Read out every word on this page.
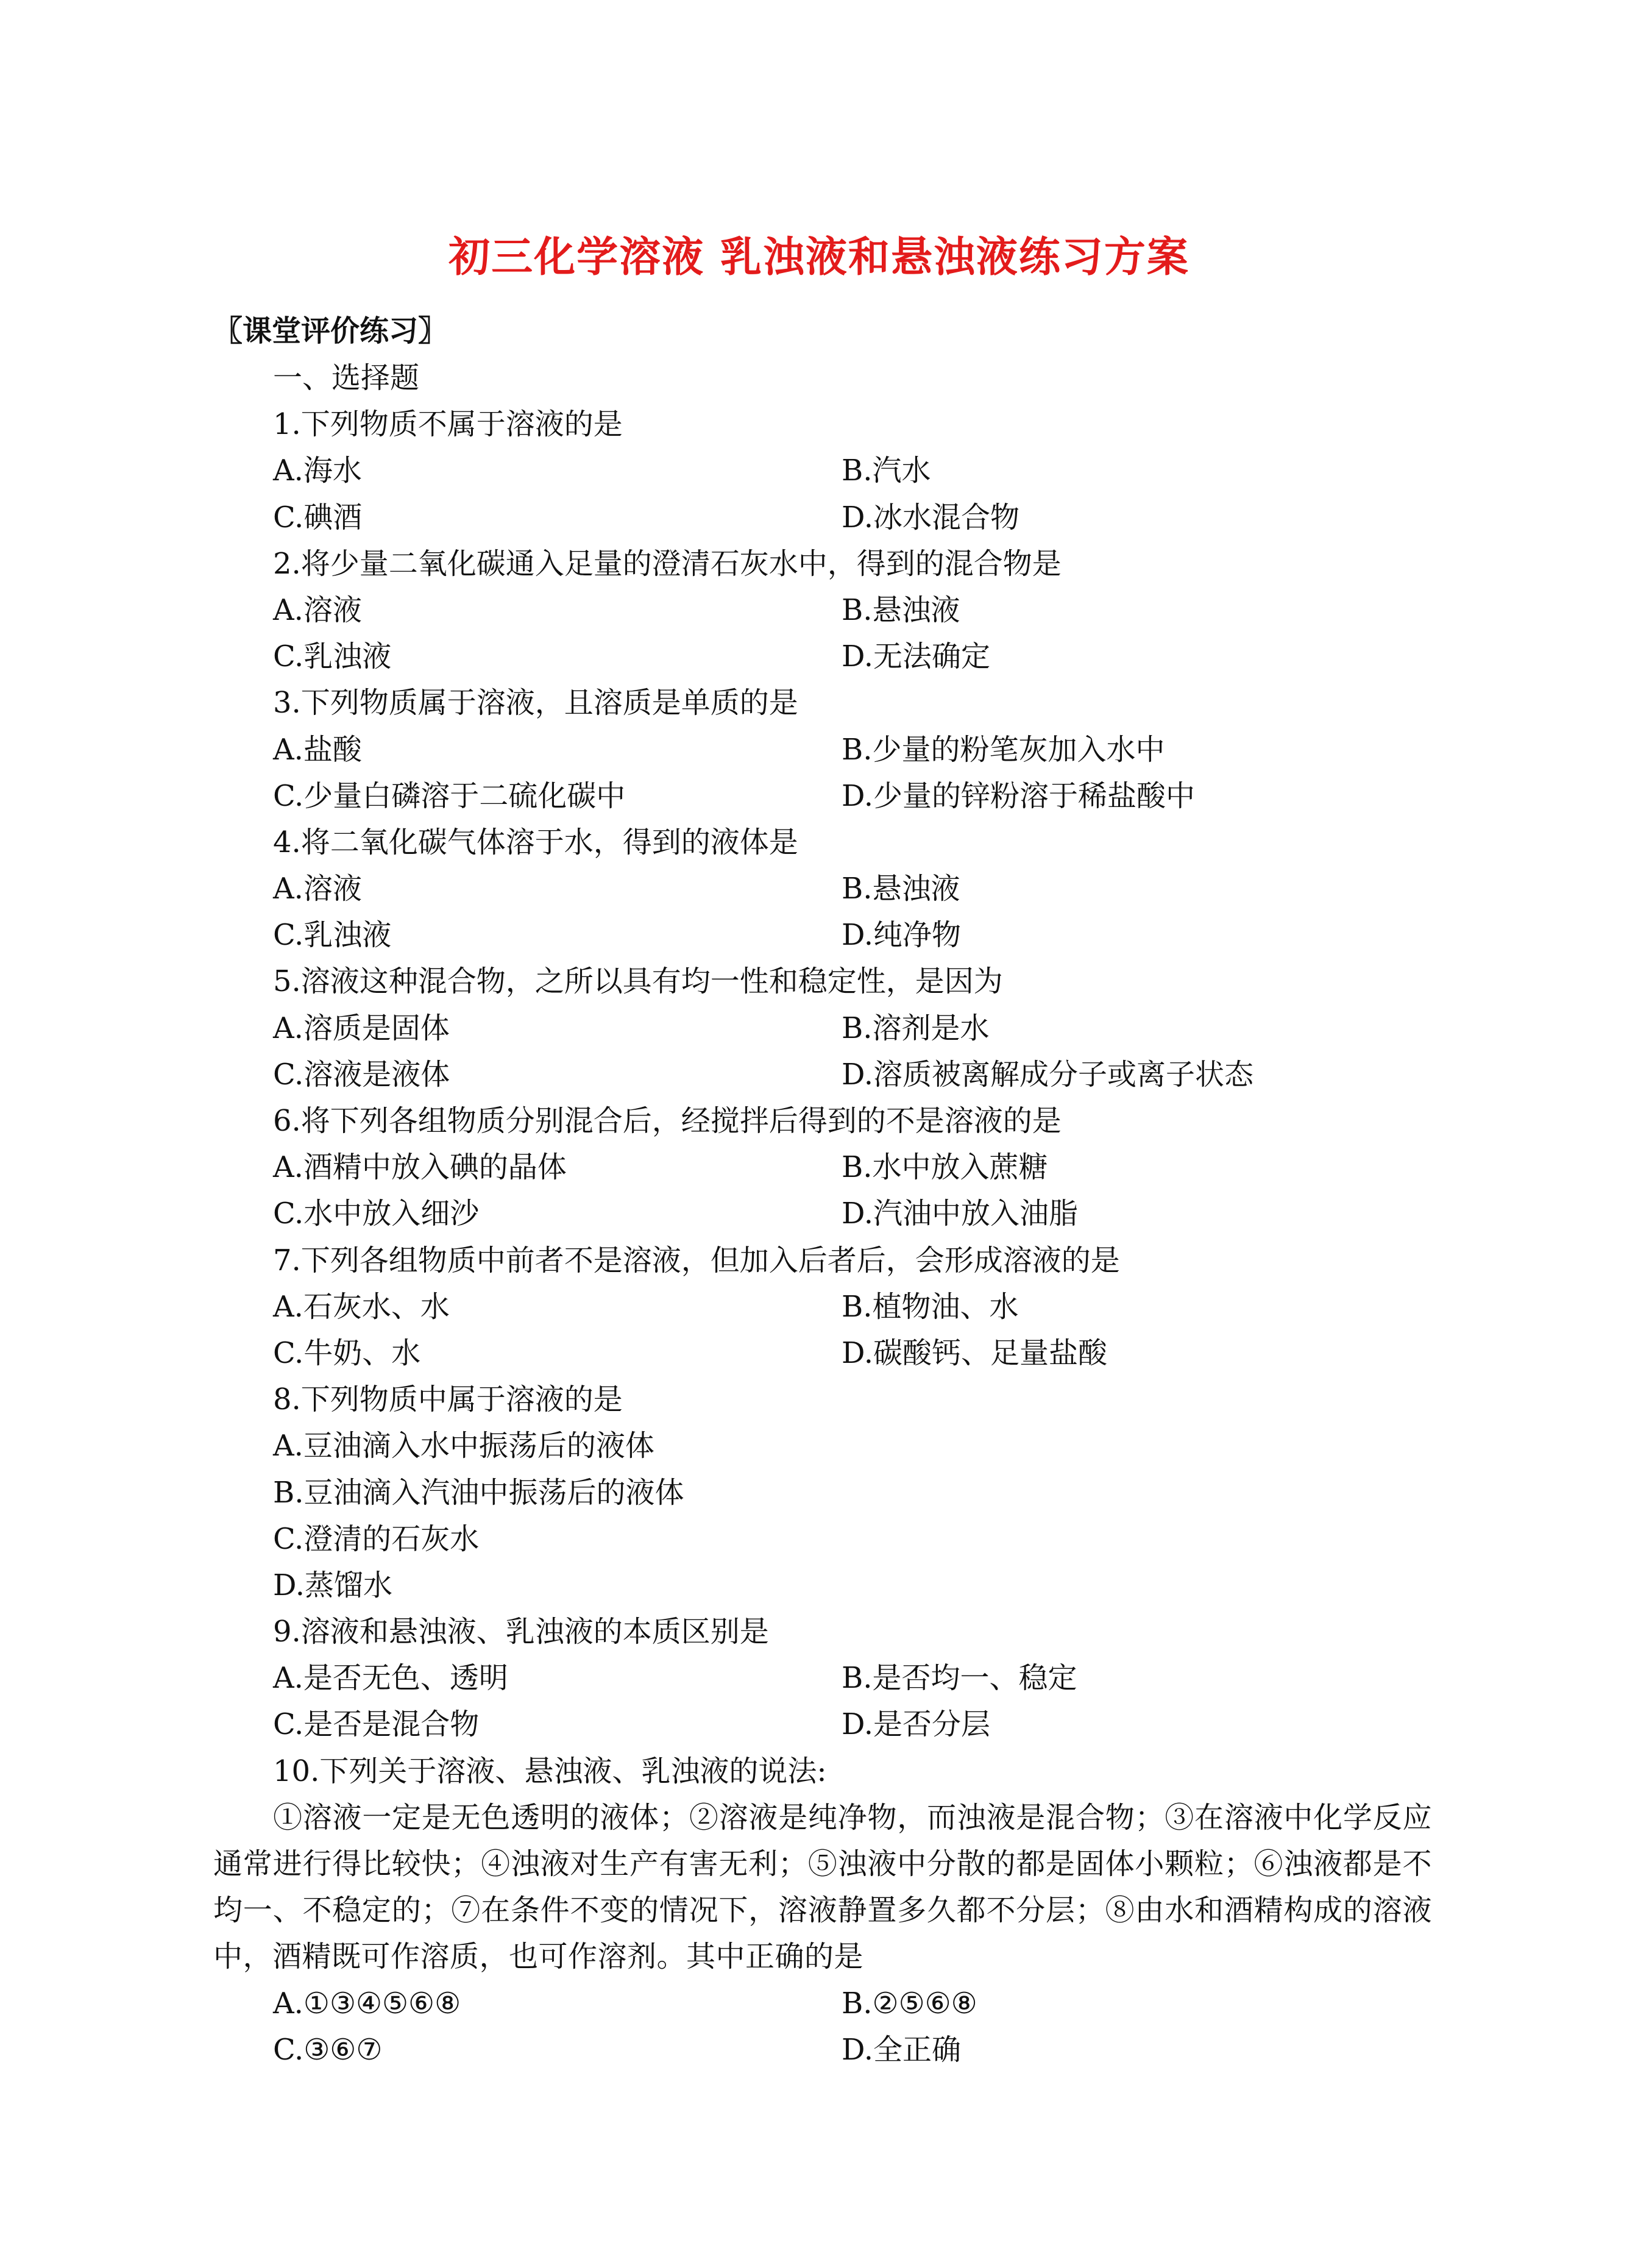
初三化学溶液 乳浊液和悬浊液练习方案
〖课堂评价练习〗
一、选择题
1.下列物质不属于溶液的是
A.海水	B.汽水
C.碘酒	D.冰水混合物
2.将少量二氧化碳通入足量的澄清石灰水中，得到的混合物是
A.溶液	B.悬浊液
C.乳浊液	D.无法确定
3.下列物质属于溶液，且溶质是单质的是
A.盐酸	B.少量的粉笔灰加入水中
C.少量白磷溶于二硫化碳中	D.少量的锌粉溶于稀盐酸中
4.将二氧化碳气体溶于水，得到的液体是
A.溶液	B.悬浊液
C.乳浊液	D.纯净物
5.溶液这种混合物，之所以具有均一性和稳定性，是因为
A.溶质是固体	B.溶剂是水
C.溶液是液体	D.溶质被离解成分子或离子状态
6.将下列各组物质分别混合后，经搅拌后得到的不是溶液的是
A.酒精中放入碘的晶体	B.水中放入蔗糖
C.水中放入细沙	D.汽油中放入油脂
7.下列各组物质中前者不是溶液，但加入后者后，会形成溶液的是
A.石灰水、水	B.植物油、水
C.牛奶、水	D.碳酸钙、足量盐酸
8.下列物质中属于溶液的是
A.豆油滴入水中振荡后的液体
B.豆油滴入汽油中振荡后的液体
C.澄清的石灰水
D.蒸馏水
9.溶液和悬浊液、乳浊液的本质区别是
A.是否无色、透明	B.是否均一、稳定
C.是否是混合物	D.是否分层
10.下列关于溶液、悬浊液、乳浊液的说法:
①溶液一定是无色透明的液体；②溶液是纯净物，而浊液是混合物；③在溶液中化学反应通常进行得比较快；④浊液对生产有害无利；⑤浊液中分散的都是固体小颗粒；⑥浊液都是不均一、不稳定的；⑦在条件不变的情况下，溶液静置多久都不分层；⑧由水和酒精构成的溶液中，酒精既可作溶质，也可作溶剂。其中正确的是
A.①③④⑤⑥⑧	B.②⑤⑥⑧
C.③⑥⑦	D.全正确
